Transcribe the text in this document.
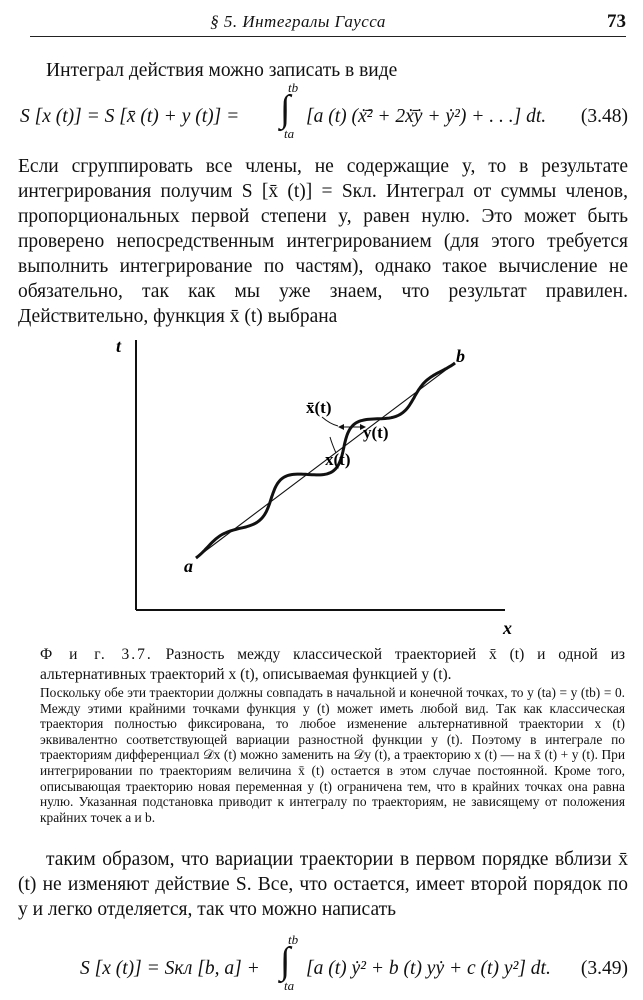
§ 5. Интегралы Гаусса	73
Интеграл действия можно записать в виде
S [x (t)] = S [x̄ (t) + y (t)] = ∫
tb
ta
[a (t) (ẋ̄² + 2ẋ̄ẏ + ẏ²) + . . .] dt. (3.48)
Если сгруппировать все члены, не содержащие y, то в результате интегрирования получим S [x̄ (t)] = Sкл. Интеграл от суммы членов, пропорциональных первой степени y, равен нулю. Это может быть проверено непосредственным интегрированием (для этого требуется выполнить интегрирование по частям), однако такое вычисление не обязательно, так как мы уже знаем, что результат правилен. Действительно, функция x̄ (t) выбрана
t
x
a
b
x̄(t)
y(t)
x(t)
Ф и г. 3.7. Разность между классической траекторией x̄ (t) и одной из альтернативных траекторий x (t), описываемая функцией y (t).
Поскольку обе эти траектории должны совпадать в начальной и конечной точках, то y (ta) = y (tb) = 0. Между этими крайними точками функция y (t) может иметь любой вид. Так как классическая траектория полностью фиксирована, то любое изменение альтернативной траектории x (t) эквивалентно соответствующей вариации разностной функции y (t). Поэтому в интеграле по траекториям дифференциал 𝒟x (t) можно заменить на 𝒟y (t), а траекторию x (t) — на x̄ (t) + y (t). При интегрировании по траекториям величина x̄ (t) остается в этом случае постоянной. Кроме того, описывающая траекторию новая переменная y (t) ограничена тем, что в крайних точках она равна нулю. Указанная подстановка приводит к интегралу по траекториям, не зависящему от положения крайних точек a и b.
таким образом, что вариации траектории в первом порядке вблизи x̄ (t) не изменяют действие S. Все, что остается, имеет второй порядок по y и легко отделяется, так что можно написать
S [x (t)] = Sкл [b, a] + ∫
tb
ta
[a (t) ẏ² + b (t) yẏ + c (t) y²] dt. (3.49)
